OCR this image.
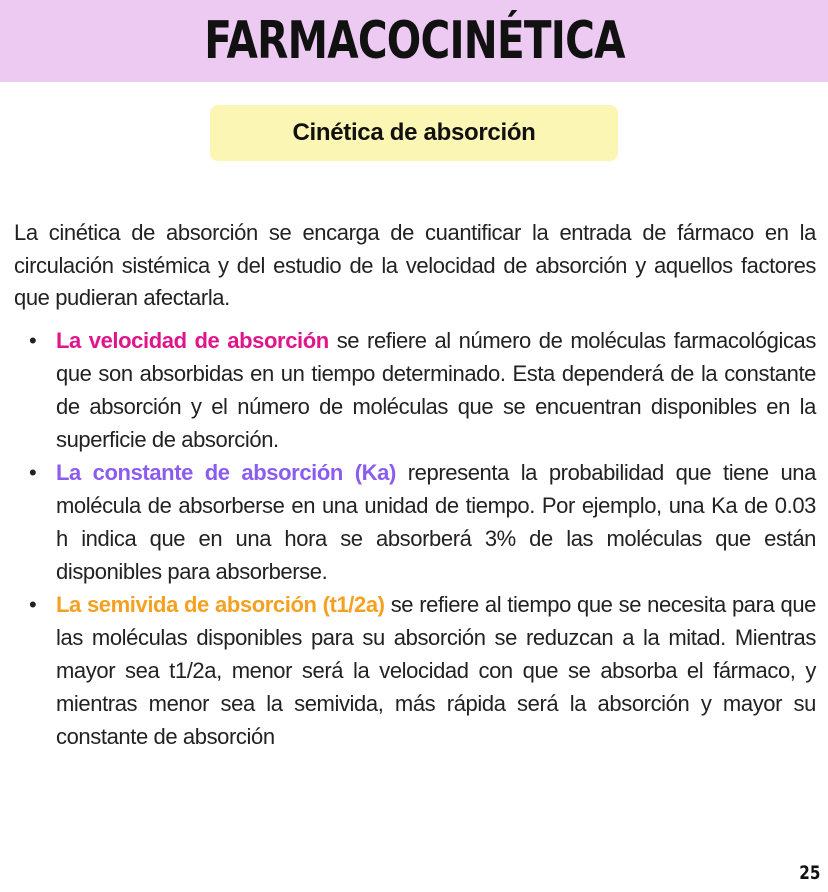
FARMACOCINÉTICA
Cinética de absorción

La cinética de absorción se encarga de cuantificar la entrada de fármaco en la circulación sistémica y del estudio de la velocidad de absorción y aquellos factores que pudieran afectarla.

• La velocidad de absorción se refiere al número de moléculas farmacológicas que son absorbidas en un tiempo determinado. Esta dependerá de la constante de absorción y el número de moléculas que se encuentran disponibles en la superficie de absorción.
• La constante de absorción (Ka) representa la probabilidad que tiene una molécula de absorberse en una unidad de tiempo. Por ejemplo, una Ka de 0.03 h indica que en una hora se absorberá 3% de las moléculas que están disponibles para absorberse.
• La semivida de absorción (t1/2a) se refiere al tiempo que se necesita para que las moléculas disponibles para su absorción se reduzcan a la mitad. Mientras mayor sea t1/2a, menor será la velocidad con que se absorba el fármaco, y mientras menor sea la semivida, más rápida será la absorción y mayor su constante de absorción
25
